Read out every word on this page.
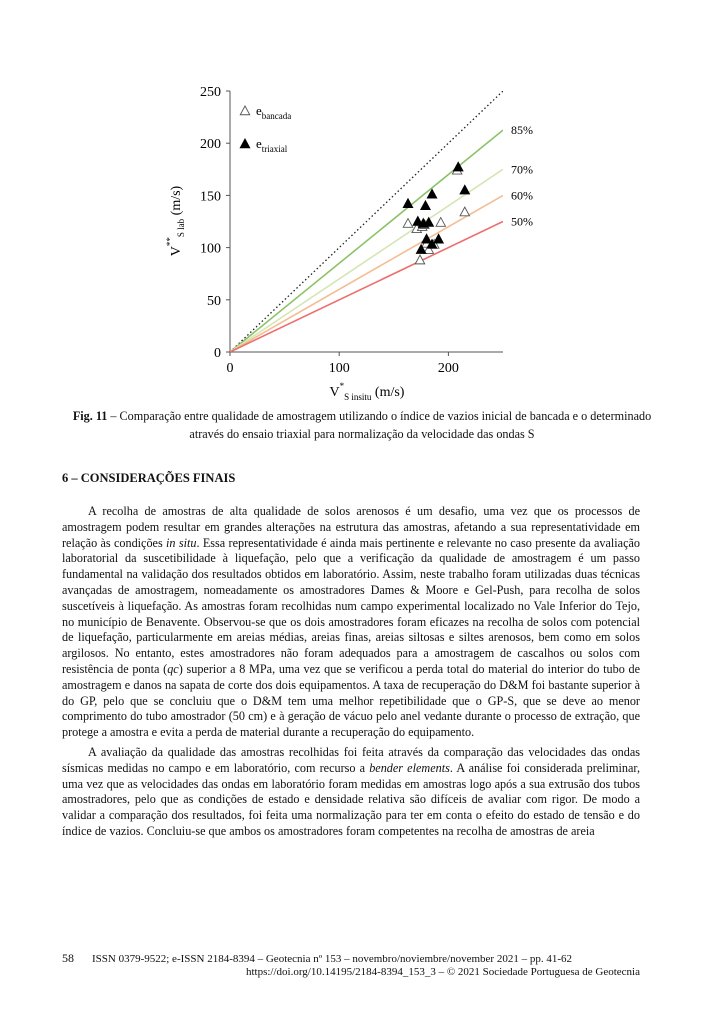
0
50
100
150
200
250
0	100	200
85%
70%
60%
50%
$e_{bancada}$
$e_{triaxial}$
$V^*_S$ insitu (m/s)
$V^{**}_S$ lab (m/s)
Fig. 11 – Comparação entre qualidade de amostragem utilizando o índice de vazios inicial de bancada e o determinado através do ensaio triaxial para normalização da velocidade das ondas S
6 – CONSIDERAÇÕES FINAIS

A recolha de amostras de alta qualidade de solos arenosos é um desafio, uma vez que os processos de amostragem podem resultar em grandes alterações na estrutura das amostras, afetando a sua representatividade em relação às condições in situ. Essa representatividade é ainda mais pertinente e relevante no caso presente da avaliação laboratorial da suscetibilidade à liquefação, pelo que a verificação da qualidade de amostragem é um passo fundamental na validação dos resultados obtidos em laboratório. Assim, neste trabalho foram utilizadas duas técnicas avançadas de amostragem, nomeadamente os amostradores Dames & Moore e Gel-Push, para recolha de solos suscetíveis à liquefação. As amostras foram recolhidas num campo experimental localizado no Vale Inferior do Tejo, no município de Benavente. Observou-se que os dois amostradores foram eficazes na recolha de solos com potencial de liquefação, particularmente em areias médias, areias finas, areias siltosas e siltes arenosos, bem como em solos argilosos. No entanto, estes amostradores não foram adequados para a amostragem de cascalhos ou solos com resistência de ponta (qc) superior a 8 MPa, uma vez que se verificou a perda total do material do interior do tubo de amostragem e danos na sapata de corte dos dois equipamentos. A taxa de recuperação do D&M foi bastante superior à do GP, pelo que se concluiu que o D&M tem uma melhor repetibilidade que o GP-S, que se deve ao menor comprimento do tubo amostrador (50 cm) e à geração de vácuo pelo anel vedante durante o processo de extração, que protege a amostra e evita a perda de material durante a recuperação do equipamento.

A avaliação da qualidade das amostras recolhidas foi feita através da comparação das velocidades das ondas sísmicas medidas no campo e em laboratório, com recurso a bender elements. A análise foi considerada preliminar, uma vez que as velocidades das ondas em laboratório foram medidas em amostras logo após a sua extrusão dos tubos amostradores, pelo que as condições de estado e densidade relativa são difíceis de avaliar com rigor. De modo a validar a comparação dos resultados, foi feita uma normalização para ter em conta o efeito do estado de tensão e do índice de vazios. Concluiu-se que ambos os amostradores foram competentes na recolha de amostras de areia

58 ISSN 0379-9522; e-ISSN 2184-8394 – Geotecnia nº 153 – novembro/noviembre/november 2021 – pp. 41-62
https://doi.org/10.14195/2184-8394_153_3 – © 2021 Sociedade Portuguesa de Geotecnia
